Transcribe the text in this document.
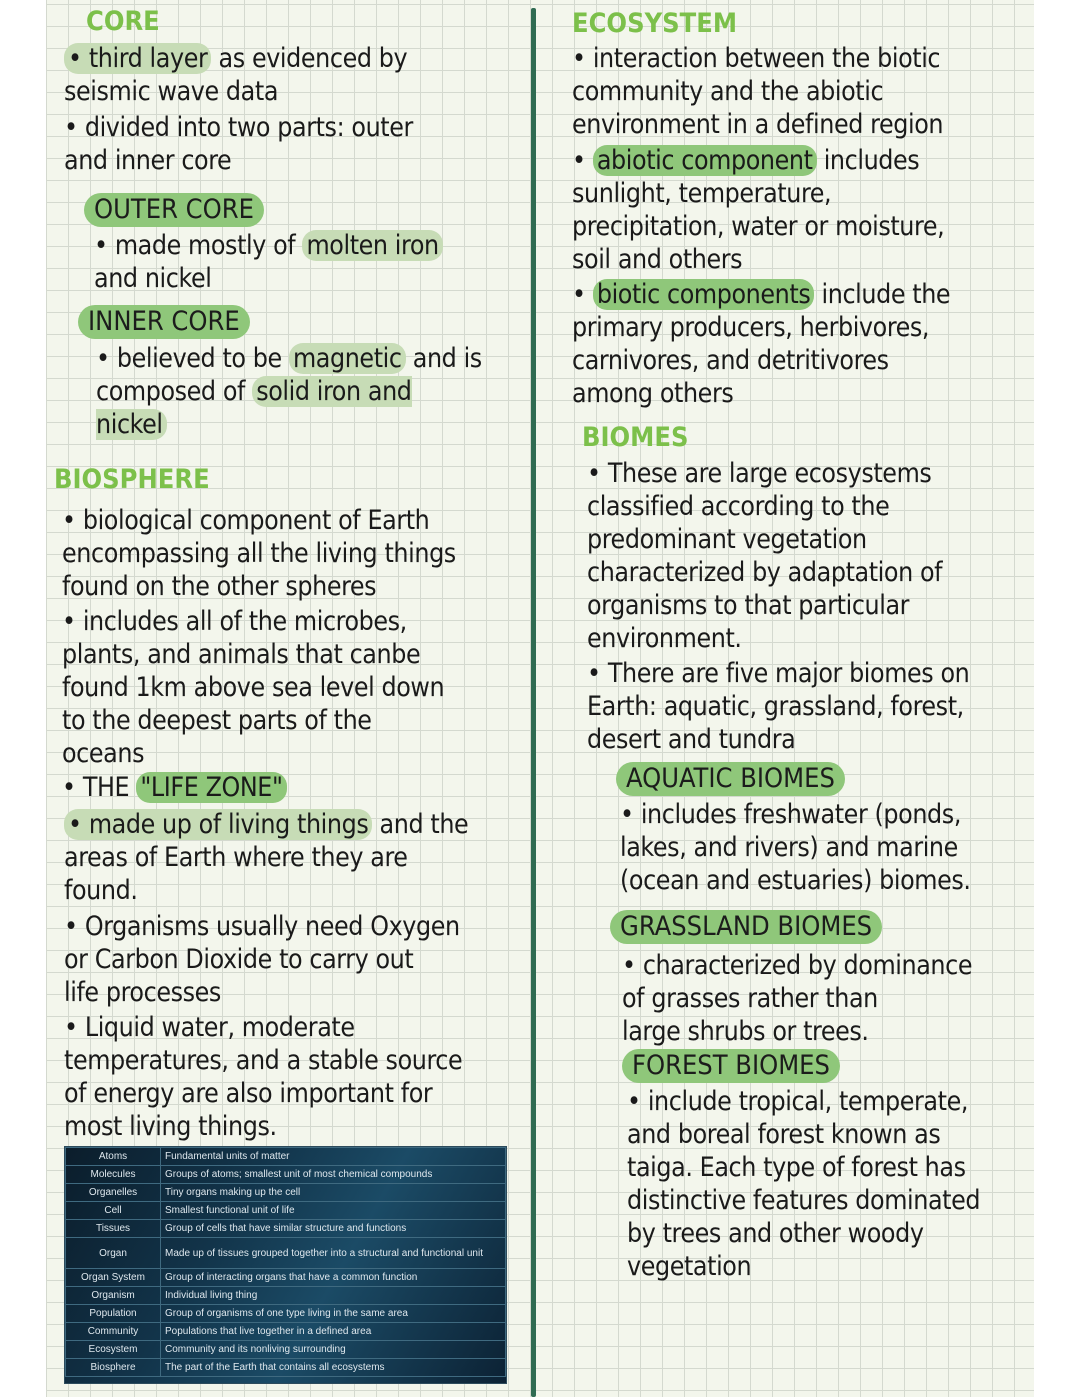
CORE

• third layer as evidenced by
seismic wave data

• divided into two parts: outer
and inner core

OUTER CORE

• made mostly of molten iron
and nickel

INNER CORE

• believed to be magnetic and is
composed of solid iron and
nickel

BIOSPHERE

• biological component of Earth
encompassing all the living things
found on the other spheres

• includes all of the microbes,
plants, and animals that canbe
found 1km above sea level down
to the deepest parts of the
oceans

• THE "LIFE ZONE"

• made up of living things and the
areas of Earth where they are
found.

• Organisms usually need Oxygen
or Carbon Dioxide to carry out
life processes

• Liquid water, moderate
temperatures, and a stable source
of energy are also important for
most living things.

Atoms	Fundamental units of matter
Molecules	Groups of atoms; smallest unit of most chemical compounds
Organelles	Tiny organs making up the cell
Cell	Smallest functional unit of life
Tissues	Group of cells that have similar structure and functions
Organ	Made up of tissues grouped together into a structural and functional unit
Organ System	Group of interacting organs that have a common function
Organism	Individual living thing
Population	Group of organisms of one type living in the same area
Community	Populations that live together in a defined area
Ecosystem	Community and its nonliving surrounding
Biosphere	The part of the Earth that contains all ecosystems
ECOSYSTEM

• interaction between the biotic
community and the abiotic
environment in a defined region

• abiotic component includes
sunlight, temperature,
precipitation, water or moisture,
soil and others

• biotic components include the
primary producers, herbivores,
carnivores, and detritivores
among others

BIOMES

• These are large ecosystems
classified according to the
predominant vegetation
characterized by adaptation of
organisms to that particular
environment.

• There are five major biomes on
Earth: aquatic, grassland, forest,
desert and tundra

AQUATIC BIOMES

• includes freshwater (ponds,
lakes, and rivers) and marine
(ocean and estuaries) biomes.

GRASSLAND BIOMES

• characterized by dominance
of grasses rather than
large shrubs or trees.

FOREST BIOMES

• include tropical, temperate,
and boreal forest known as
taiga. Each type of forest has
distinctive features dominated
by trees and other woody
vegetation
